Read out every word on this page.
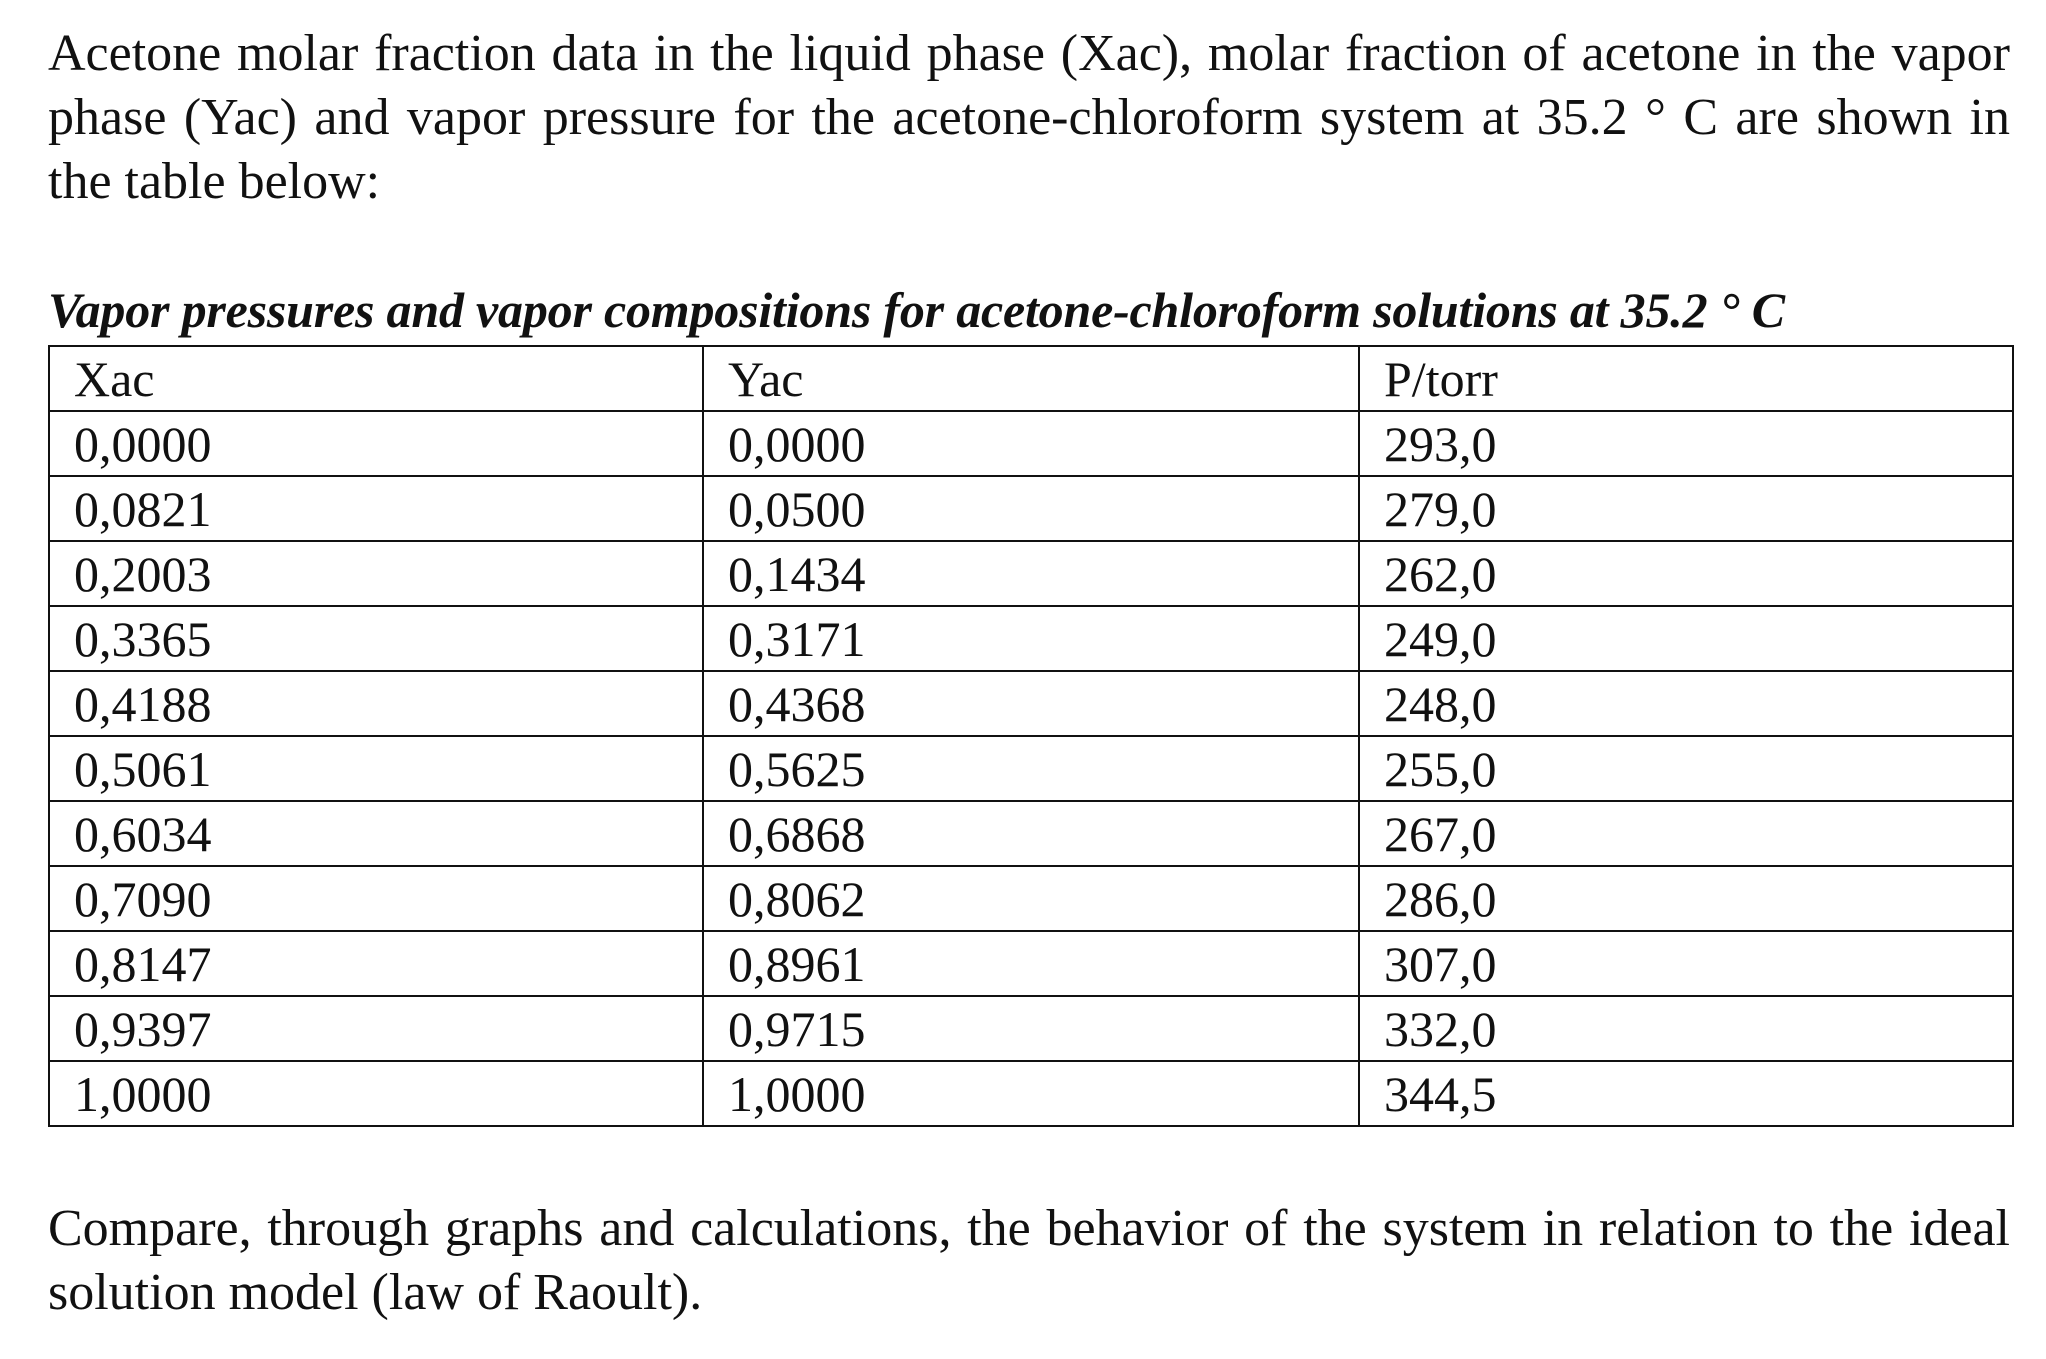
Acetone molar fraction data in the liquid phase (Xac), molar fraction of acetone in the vapor phase (Yac) and vapor pressure for the acetone-chloroform system at 35.2 ° C are shown in the table below:

Vapor pressures and vapor compositions for acetone-chloroform solutions at 35.2 ° C

Xac	Yac	P/torr
0,0000	0,0000	293,0
0,0821	0,0500	279,0
0,2003	0,1434	262,0
0,3365	0,3171	249,0
0,4188	0,4368	248,0
0,5061	0,5625	255,0
0,6034	0,6868	267,0
0,7090	0,8062	286,0
0,8147	0,8961	307,0
0,9397	0,9715	332,0
1,0000	1,0000	344,5

Compare, through graphs and calculations, the behavior of the system in relation to the ideal solution model (law of Raoult).
